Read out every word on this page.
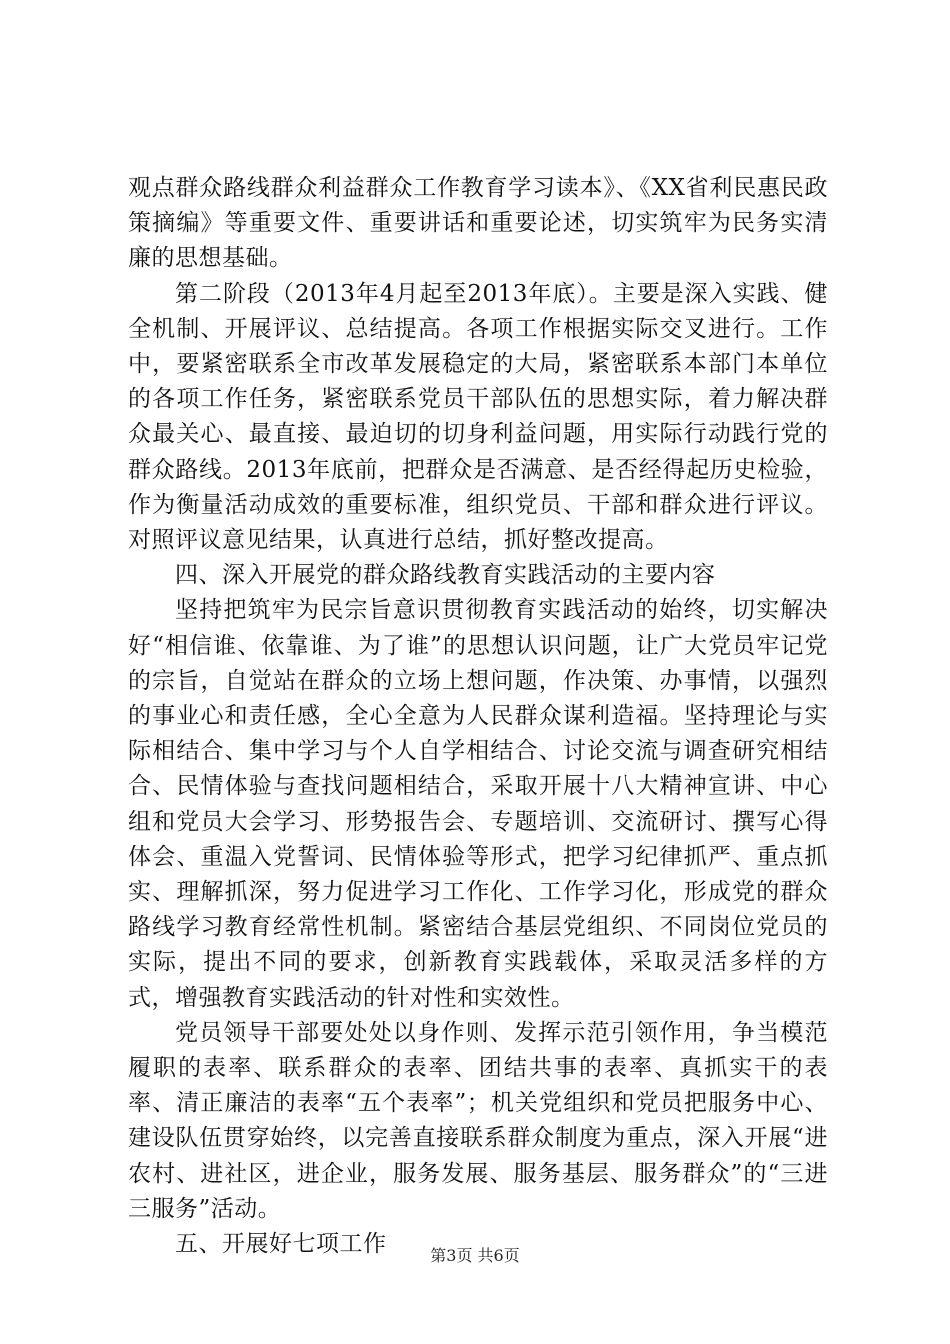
观点群众路线群众利益群众工作教育学习读本》、《XX省利民惠民政策摘编》等重要文件、重要讲话和重要论述，切实筑牢为民务实清廉的思想基础。

第二阶段（2013年4月起至2013年底）。主要是深入实践、健全机制、开展评议、总结提高。各项工作根据实际交叉进行。工作中，要紧密联系全市改革发展稳定的大局，紧密联系本部门本单位的各项工作任务，紧密联系党员干部队伍的思想实际，着力解决群众最关心、最直接、最迫切的切身利益问题，用实际行动践行党的群众路线。2013年底前，把群众是否满意、是否经得起历史检验，作为衡量活动成效的重要标准，组织党员、干部和群众进行评议。对照评议意见结果，认真进行总结，抓好整改提高。

四、深入开展党的群众路线教育实践活动的主要内容

坚持把筑牢为民宗旨意识贯彻教育实践活动的始终，切实解决好“相信谁、依靠谁、为了谁”的思想认识问题，让广大党员牢记党的宗旨，自觉站在群众的立场上想问题，作决策、办事情，以强烈的事业心和责任感，全心全意为人民群众谋利造福。坚持理论与实际相结合、集中学习与个人自学相结合、讨论交流与调查研究相结合、民情体验与查找问题相结合，采取开展十八大精神宣讲、中心组和党员大会学习、形势报告会、专题培训、交流研讨、撰写心得体会、重温入党誓词、民情体验等形式，把学习纪律抓严、重点抓实、理解抓深，努力促进学习工作化、工作学习化，形成党的群众路线学习教育经常性机制。紧密结合基层党组织、不同岗位党员的实际，提出不同的要求，创新教育实践载体，采取灵活多样的方式，增强教育实践活动的针对性和实效性。

党员领导干部要处处以身作则、发挥示范引领作用，争当模范履职的表率、联系群众的表率、团结共事的表率、真抓实干的表率、清正廉洁的表率“五个表率”；机关党组织和党员把服务中心、建设队伍贯穿始终，以完善直接联系群众制度为重点，深入开展“进农村、进社区，进企业，服务发展、服务基层、服务群众”的“三进三服务”活动。

五、开展好七项工作	第3页 共6页
